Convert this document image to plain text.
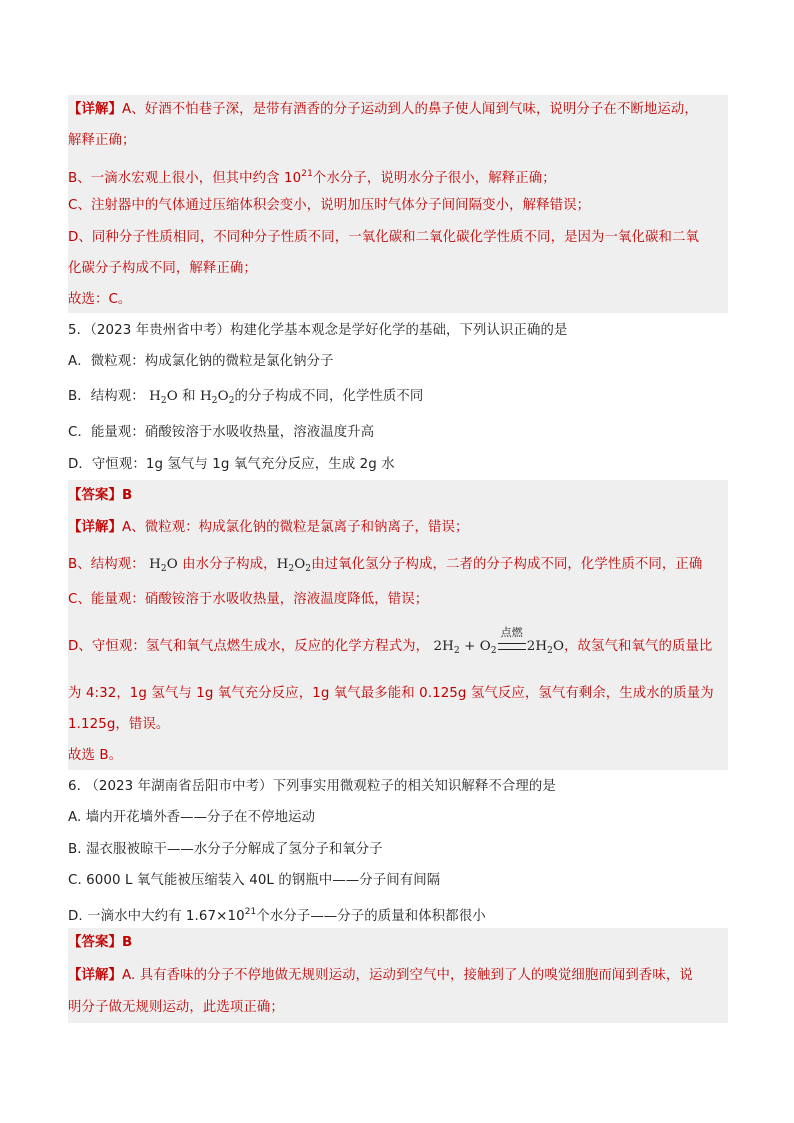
【详解】A、好酒不怕巷子深，是带有酒香的分子运动到人的鼻子使人闻到气味，说明分子在不断地运动，
解释正确；
B、一滴水宏观上很小，但其中约含 $10^{21}$个水分子，说明水分子很小，解释正确；
C、注射器中的气体通过压缩体积会变小，说明加压时气体分子间间隔变小，解释错误；
D、同种分子性质相同，不同种分子性质不同，一氧化碳和二氧化碳化学性质不同，是因为一氧化碳和二氧
化碳分子构成不同，解释正确；
故选：C。
5．（2023 年贵州省中考）构建化学基本观念是学好化学的基础，下列认识正确的是
A．微粒观：构成氯化钠的微粒是氯化钠分子
B．结构观： $H_2O$ 和 $H_2O_2$的分子构成不同，化学性质不同
C．能量观：硝酸铵溶于水吸收热量，溶液温度升高
D．守恒观：1g 氢气与 1g 氧气充分反应，生成 2g 水
【答案】B
【详解】A、微粒观：构成氯化钠的微粒是氯离子和钠离子，错误；
B、结构观： $H_2O$ 由水分子构成，$H_2O_2$由过氧化氢分子构成，二者的分子构成不同，化学性质不同，正确
C、能量观：硝酸铵溶于水吸收热量，溶液温度降低，错误；
D、守恒观：氢气和氧气点燃生成水，反应的化学方程式为， $2H_2 + O_2$
点燃
$2H_2O$，故氢气和氧气的质量比
为 4:32，1g 氢气与 1g 氧气充分反应，1g 氧气最多能和 0.125g 氢气反应，氢气有剩余，生成水的质量为
1.125g，错误。
故选 B。
6. （2023 年湖南省岳阳市中考）下列事实用微观粒子的相关知识解释不合理的是
A. 墙内开花墙外香——分子在不停地运动
B. 湿衣服被晾干——水分子分解成了氢分子和氧分子
C. 6000 L 氧气能被压缩装入 40L 的钢瓶中——分子间有间隔
D. 一滴水中大约有 $1.67\times 10^{21}$个水分子——分子的质量和体积都很小
【答案】B
【详解】A. 具有香味的分子不停地做无规则运动，运动到空气中，接触到了人的嗅觉细胞而闻到香味，说
明分子做无规则运动，此选项正确；
